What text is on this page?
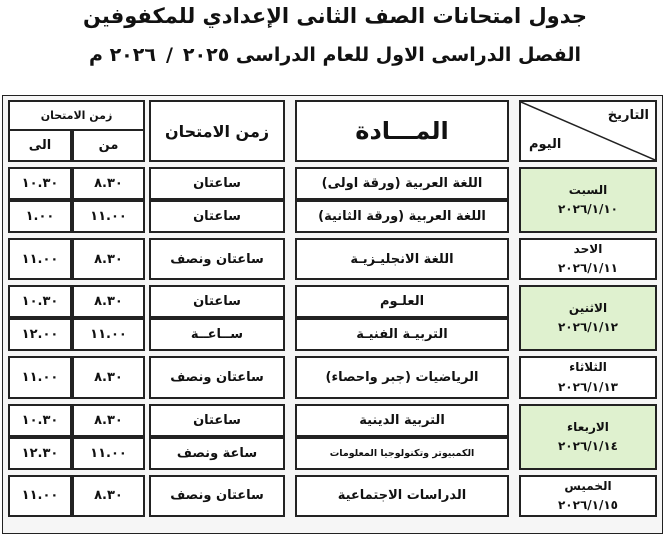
جدول امتحانات الصف الثانى الإعدادي للمكفوفين
الفصل الدراسى الاول للعام الدراسى ٢٠٢٥/٢٠٢٦ م
التاريخ
اليوم		المـــادة		زمن الامتحان		زمن الامتحان	
						من	الى

السبت
٢٠٢٦/١/١٠		اللغة العربية (ورقة اولى)		ساعتان		٨.٣٠	١٠.٣٠
		اللغة العربية (ورقة الثانية)		ساعتان		١١.٠٠	١.٠٠

الاحد
٢٠٢٦/١/١١		اللغة الانجليـزيـة		ساعتان ونصف		٨.٣٠	١١.٠٠

الاثنين
٢٠٢٦/١/١٢		العلـوم		ساعتان		٨.٣٠	١٠.٣٠
		التربيـة الفنيـة		ســاعــة		١١.٠٠	١٢.٠٠

الثلاثاء
٢٠٢٦/١/١٣		الرياضيات (جبر واحصاء)		ساعتان ونصف		٨.٣٠	١١.٠٠

الاربعاء
٢٠٢٦/١/١٤		التربية الدينية		ساعتان		٨.٣٠	١٠.٣٠
		الكمبيوتر وتكنولوجيا المعلومات		ساعة ونصف		١١.٠٠	١٢.٣٠

الخميس
٢٠٢٦/١/١٥		الدراسات الاجتماعية		ساعتان ونصف		٨.٣٠	١١.٠٠
